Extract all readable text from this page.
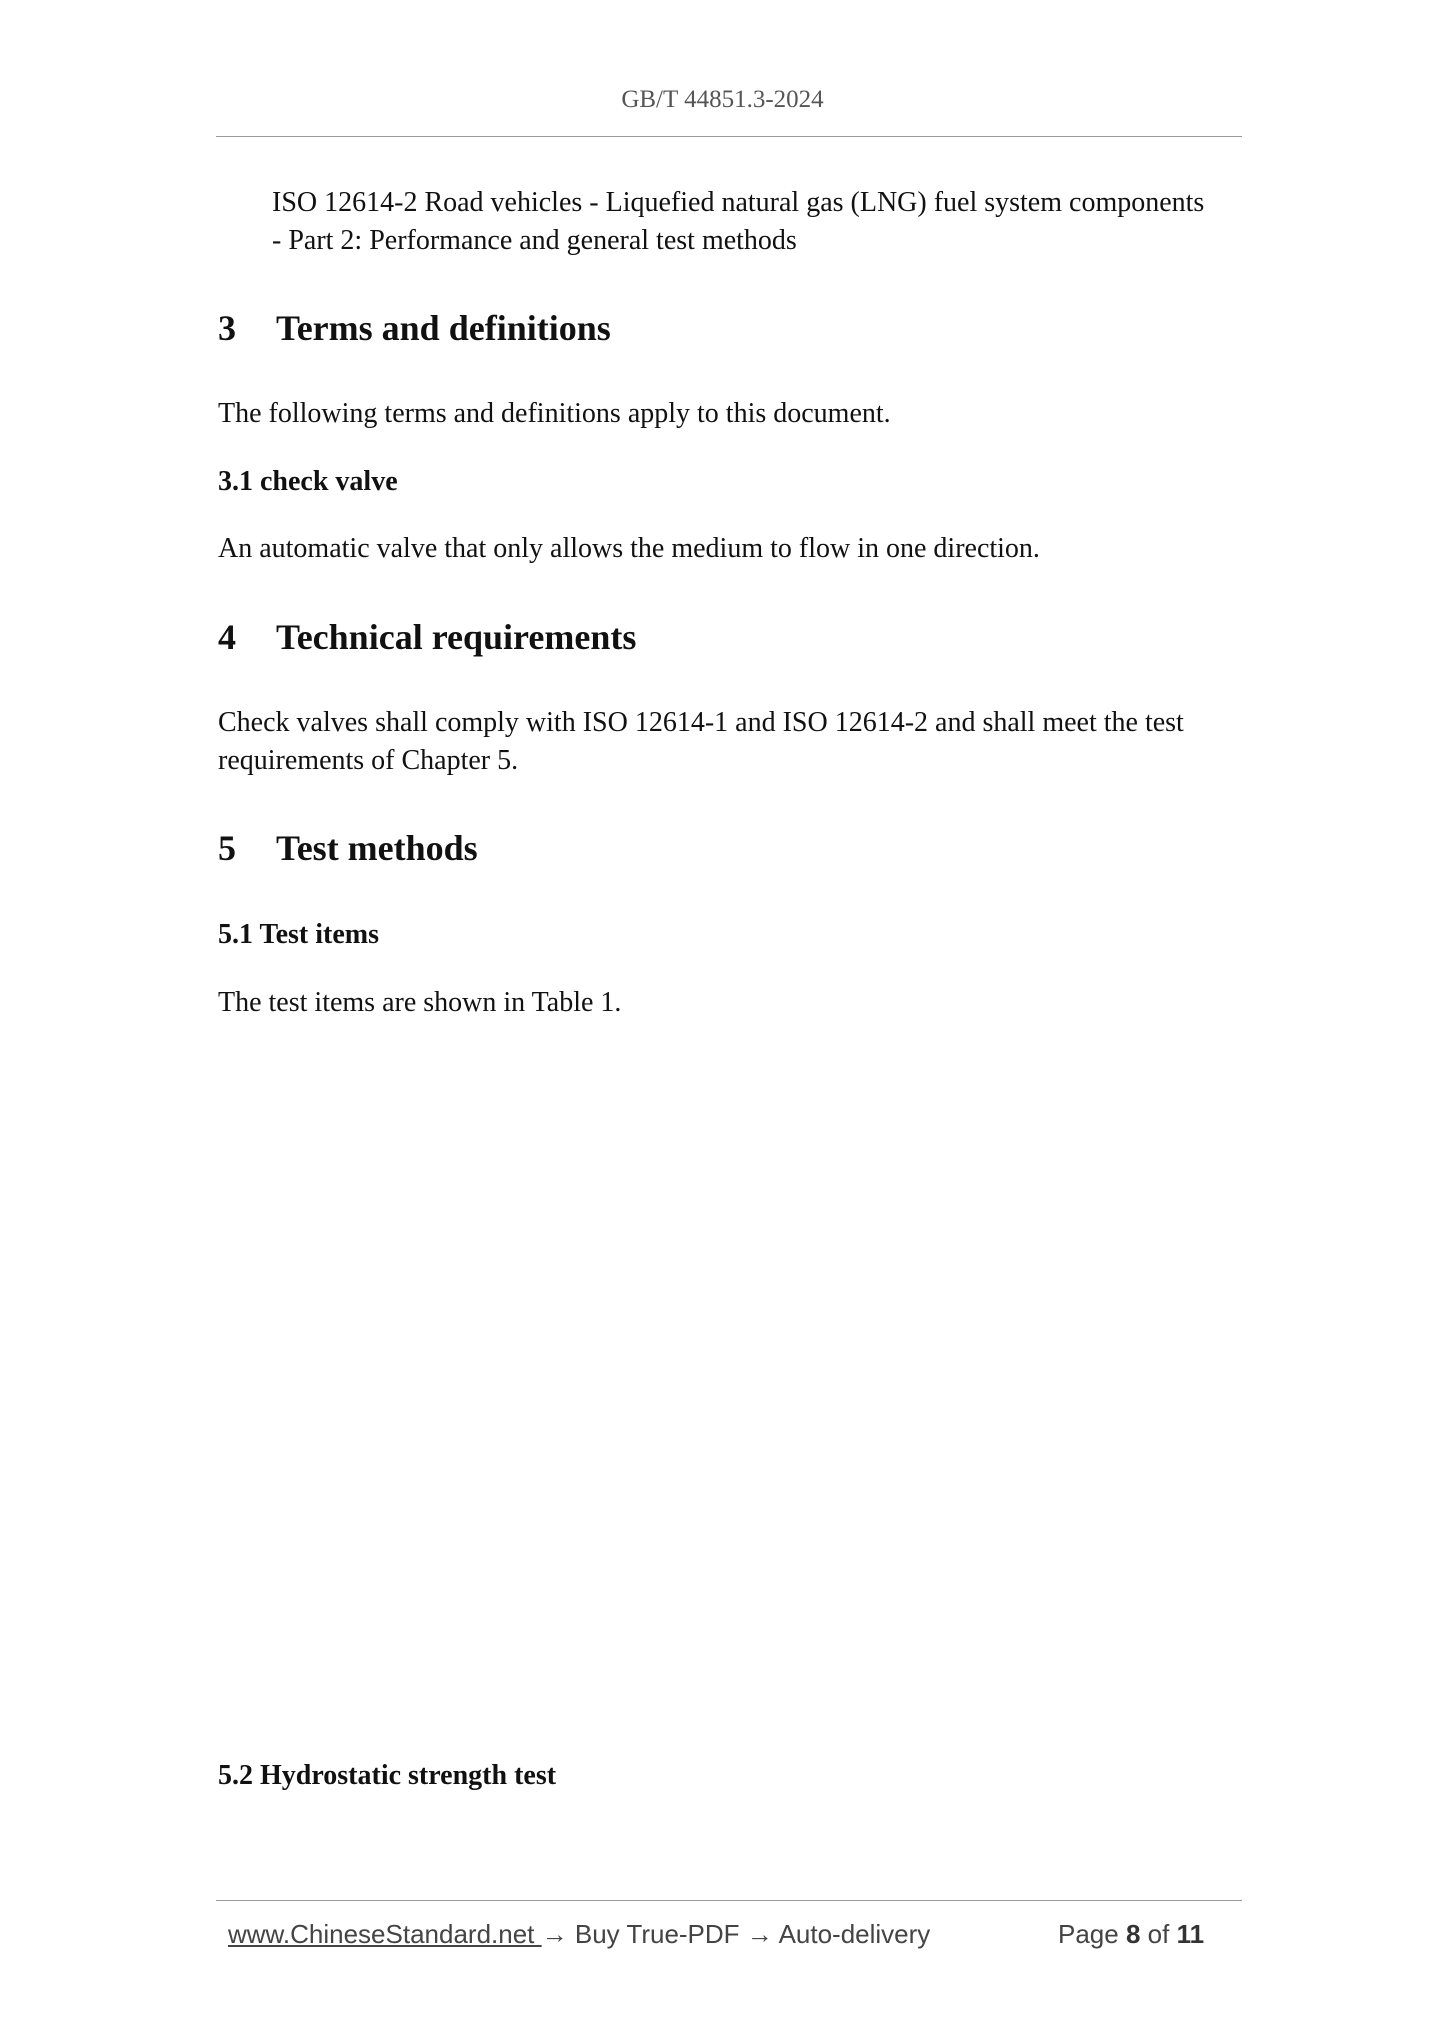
GB/T 44851.3-2024
ISO 12614-2 Road vehicles - Liquefied natural gas (LNG) fuel system components
- Part 2: Performance and general test methods
3 Terms and definitions
The following terms and definitions apply to this document.
3.1 check valve
An automatic valve that only allows the medium to flow in one direction.
4 Technical requirements
Check valves shall comply with ISO 12614-1 and ISO 12614-2 and shall meet the test
requirements of Chapter 5.
5 Test methods
5.1 Test items
The test items are shown in Table 1.
5.2 Hydrostatic strength test
www.ChineseStandard.net → Buy True-PDF → Auto-delivery	Page 8 of 11
